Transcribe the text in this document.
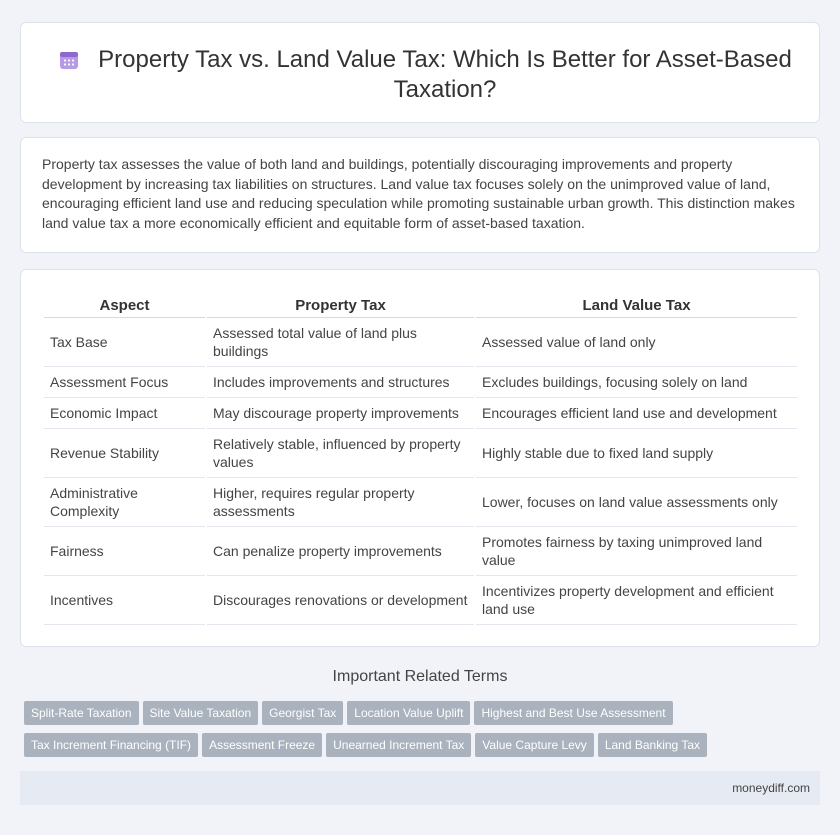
Property Tax vs. Land Value Tax: Which Is Better for Asset-Based Taxation?

Property tax assesses the value of both land and buildings, potentially discouraging improvements and property development by increasing tax liabilities on structures. Land value tax focuses solely on the unimproved value of land, encouraging efficient land use and reducing speculation while promoting sustainable urban growth. This distinction makes land value tax a more economically efficient and equitable form of asset-based taxation.

Aspect	Property Tax	Land Value Tax
Tax Base	Assessed total value of land plus buildings	Assessed value of land only
Assessment Focus	Includes improvements and structures	Excludes buildings, focusing solely on land
Economic Impact	May discourage property improvements	Encourages efficient land use and development
Revenue Stability	Relatively stable, influenced by property values	Highly stable due to fixed land supply
Administrative Complexity	Higher, requires regular property assessments	Lower, focuses on land value assessments only
Fairness	Can penalize property improvements	Promotes fairness by taxing unimproved land value
Incentives	Discourages renovations or development	Incentivizes property development and efficient land use
Important Related Terms
Split-Rate Taxation Site Value Taxation Georgist Tax Location Value Uplift Highest and Best Use Assessment
Tax Increment Financing (TIF) Assessment Freeze Unearned Increment Tax Value Capture Levy Land Banking Tax
moneydiff.com
